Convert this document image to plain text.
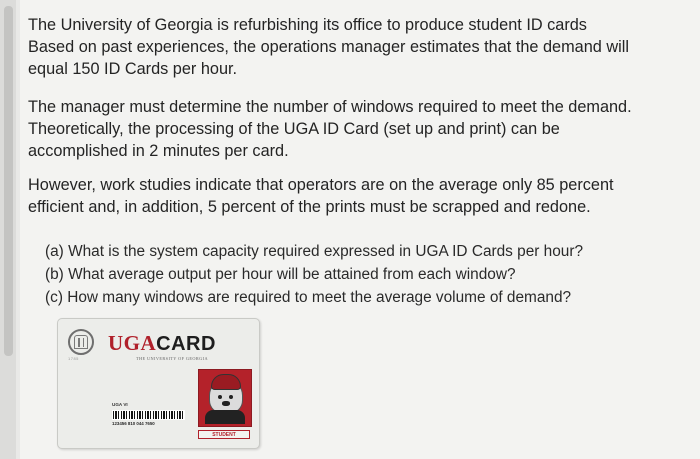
The University of Georgia is refurbishing its office to produce student ID cards
Based on past experiences, the operations manager estimates that the demand will
equal 150 ID Cards per hour.

The manager must determine the number of windows required to meet the demand.
Theoretically, the processing of the UGA ID Card (set up and print) can be
accomplished in 2 minutes per card.

However, work studies indicate that operators are on the average only 85 percent
efficient and, in addition, 5 percent of the prints must be scrapped and redone.

(a) What is the system capacity required expressed in UGA ID Cards per hour?
(b) What average output per hour will be attained from each window?
(c) How many windows are required to meet the average volume of demand?
1785
UGACARD
THE UNIVERSITY OF GEORGIA
UGA VI
123456 810 044 7650
STUDENT
